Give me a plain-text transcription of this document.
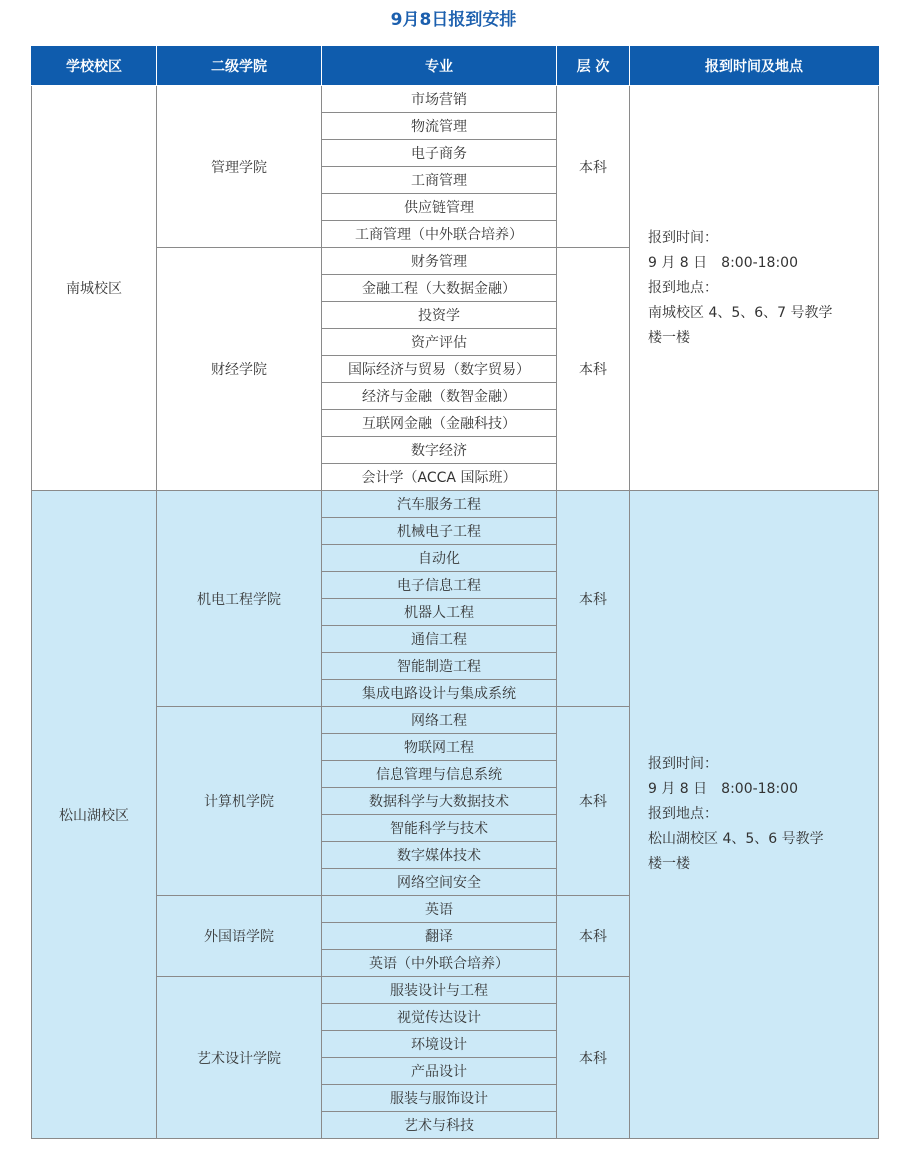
9月8日报到安排
学校校区	二级学院	专业	层 次	报到时间及地点
南城校区	管理学院	市场营销	本科	报到时间：
9 月 8 日　8:00-18:00
报到地点：
南城校区 4、5、6、7 号教学
楼一楼

		物流管理		
		电子商务		
		工商管理		
		供应链管理		
		工商管理（中外联合培养）		
	财经学院	财务管理	本科	
		金融工程（大数据金融）		
		投资学		
		资产评估		
		国际经济与贸易（数字贸易）		
		经济与金融（数智金融）		
		互联网金融（金融科技）		
		数字经济		
		会计学（ACCA 国际班）		
松山湖校区	机电工程学院	汽车服务工程	本科	报到时间：
9 月 8 日　8:00-18:00
报到地点：
松山湖校区 4、5、6 号教学
楼一楼

		机械电子工程		
		自动化		
		电子信息工程		
		机器人工程		
		通信工程		
		智能制造工程		
		集成电路设计与集成系统		
	计算机学院	网络工程	本科	
		物联网工程		
		信息管理与信息系统		
		数据科学与大数据技术		
		智能科学与技术		
		数字媒体技术		
		网络空间安全		
	外国语学院	英语	本科	
		翻译		
		英语（中外联合培养）		
	艺术设计学院	服装设计与工程	本科	
		视觉传达设计		
		环境设计		
		产品设计		
		服装与服饰设计		
		艺术与科技		
